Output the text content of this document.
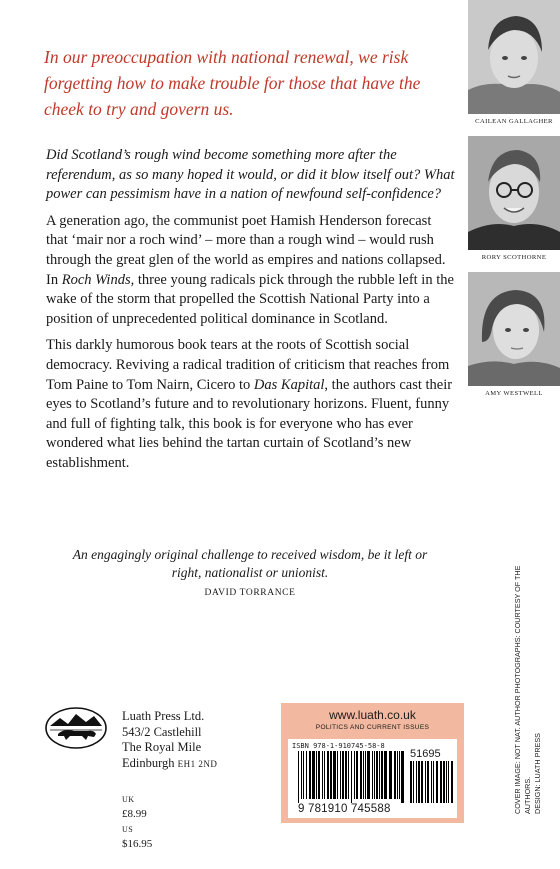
In our preoccupation with national renewal, we risk forgetting how to make trouble for those that have the cheek to try and govern us.

Did Scotland’s rough wind become something more after the referendum, as so many hoped it would, or did it blow itself out? What power can pessimism have in a nation of newfound self-confidence?

A generation ago, the communist poet Hamish Henderson forecast that ‘mair nor a roch wind’ – more than a rough wind – would rush through the great glen of the world as empires and nations collapsed. In Roch Winds, three young radicals pick through the rubble left in the wake of the storm that propelled the Scottish National Party into a position of unprecedented political dominance in Scotland.

This darkly humorous book tears at the roots of Scottish social democracy. Reviving a radical tradition of criticism that reaches from Tom Paine to Tom Nairn, Cicero to Das Kapital, the authors cast their eyes to Scotland’s future and to revolutionary horizons. Fluent, funny and full of fighting talk, this book is for everyone who has ever wondered what lies behind the tartan curtain of Scotland’s new establishment.

An engagingly original challenge to received wisdom, be it left or right, nationalist or unionist.
DAVID TORRANCE
CAILEAN GALLAGHER
RORY SCOTHORNE
AMY WESTWELL
COVER IMAGE: NOT NAT. AUTHOR PHOTOGRAPHS: COURTESY OF THE AUTHORS. DESIGN: LUATH PRESS
Luath Press Ltd.
543/2 Castlehill
The Royal Mile
Edinburgh EH1 2ND
UK £8.99
US $16.95
www.luath.co.uk
POLITICS AND CURRENT ISSUES
ISBN 978-1-910745-58-8
51695
9 781910 745588
